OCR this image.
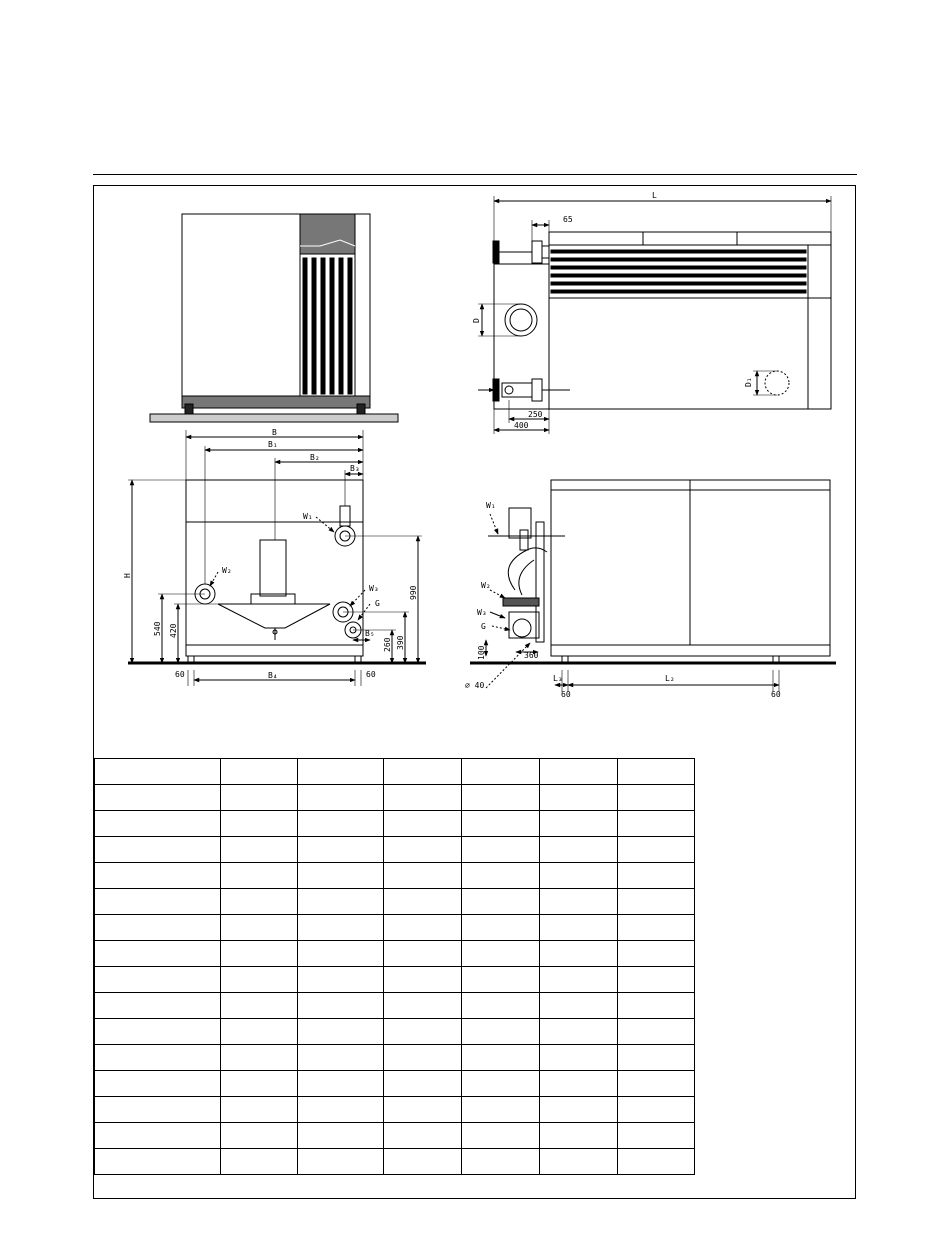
B
B₁
B₂
B₃
B₄
B₅
H
W₁
W₂
W₃
G
540 420
990
390
260
60	60
L
65
D
D₁
250
400
W₁
W₂
W₃
G
100	360
∅ 40
L₃	L₂
60	60
